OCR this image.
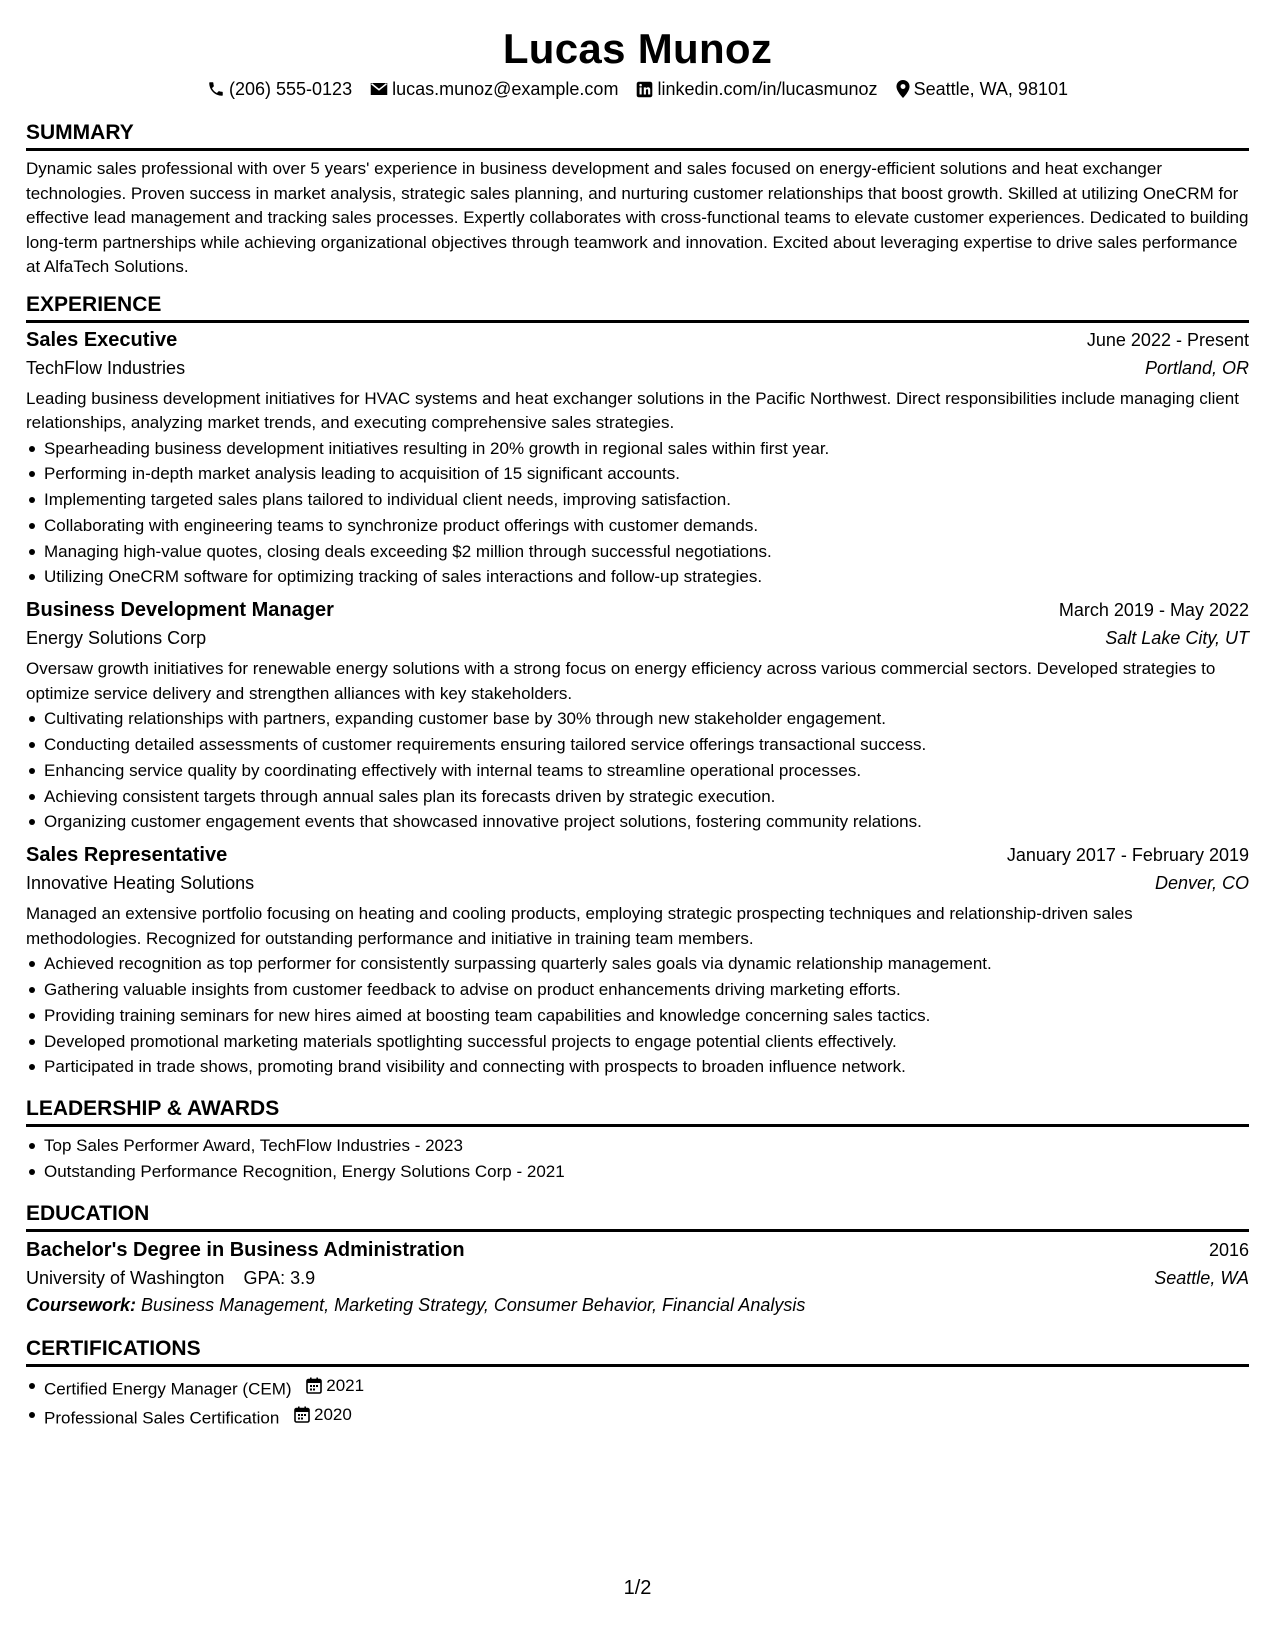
Lucas Munoz
(206) 555-0123 lucas.munoz@example.com linkedin.com/in/lucasmunoz Seattle, WA, 98101
SUMMARY

Dynamic sales professional with over 5 years' experience in business development and sales focused on energy-efficient solutions and heat exchanger technologies. Proven success in market analysis, strategic sales planning, and nurturing customer relationships that boost growth. Skilled at utilizing OneCRM for effective lead management and tracking sales processes. Expertly collaborates with cross-functional teams to elevate customer experiences. Dedicated to building long-term partnerships while achieving organizational objectives through teamwork and innovation. Excited about leveraging expertise to drive sales performance at AlfaTech Solutions.

EXPERIENCE
Sales Executive	June 2022 - Present
TechFlow Industries	Portland, OR

Leading business development initiatives for HVAC systems and heat exchanger solutions in the Pacific Northwest. Direct responsibilities include managing client relationships, analyzing market trends, and executing comprehensive sales strategies.

Spearheading business development initiatives resulting in 20% growth in regional sales within first year.
Performing in-depth market analysis leading to acquisition of 15 significant accounts.
Implementing targeted sales plans tailored to individual client needs, improving satisfaction.
Collaborating with engineering teams to synchronize product offerings with customer demands.
Managing high-value quotes, closing deals exceeding $2 million through successful negotiations.
Utilizing OneCRM software for optimizing tracking of sales interactions and follow-up strategies.
Business Development Manager	March 2019 - May 2022
Energy Solutions Corp	Salt Lake City, UT

Oversaw growth initiatives for renewable energy solutions with a strong focus on energy efficiency across various commercial sectors. Developed strategies to optimize service delivery and strengthen alliances with key stakeholders.

Cultivating relationships with partners, expanding customer base by 30% through new stakeholder engagement.
Conducting detailed assessments of customer requirements ensuring tailored service offerings transactional success.
Enhancing service quality by coordinating effectively with internal teams to streamline operational processes.
Achieving consistent targets through annual sales plan its forecasts driven by strategic execution.
Organizing customer engagement events that showcased innovative project solutions, fostering community relations.
Sales Representative	January 2017 - February 2019
Innovative Heating Solutions	Denver, CO

Managed an extensive portfolio focusing on heating and cooling products, employing strategic prospecting techniques and relationship-driven sales methodologies. Recognized for outstanding performance and initiative in training team members.

Achieved recognition as top performer for consistently surpassing quarterly sales goals via dynamic relationship management.
Gathering valuable insights from customer feedback to advise on product enhancements driving marketing efforts.
Providing training seminars for new hires aimed at boosting team capabilities and knowledge concerning sales tactics.
Developed promotional marketing materials spotlighting successful projects to engage potential clients effectively.
Participated in trade shows, promoting brand visibility and connecting with prospects to broaden influence network.
LEADERSHIP & AWARDS
Top Sales Performer Award, TechFlow Industries - 2023
Outstanding Performance Recognition, Energy Solutions Corp - 2021
EDUCATION
Bachelor's Degree in Business Administration	2016
University of Washington GPA: 3.9	Seattle, WA
Coursework: Business Management, Marketing Strategy, Consumer Behavior, Financial Analysis
CERTIFICATIONS
Certified Energy Manager (CEM) 2021
Professional Sales Certification 2020
1/2
